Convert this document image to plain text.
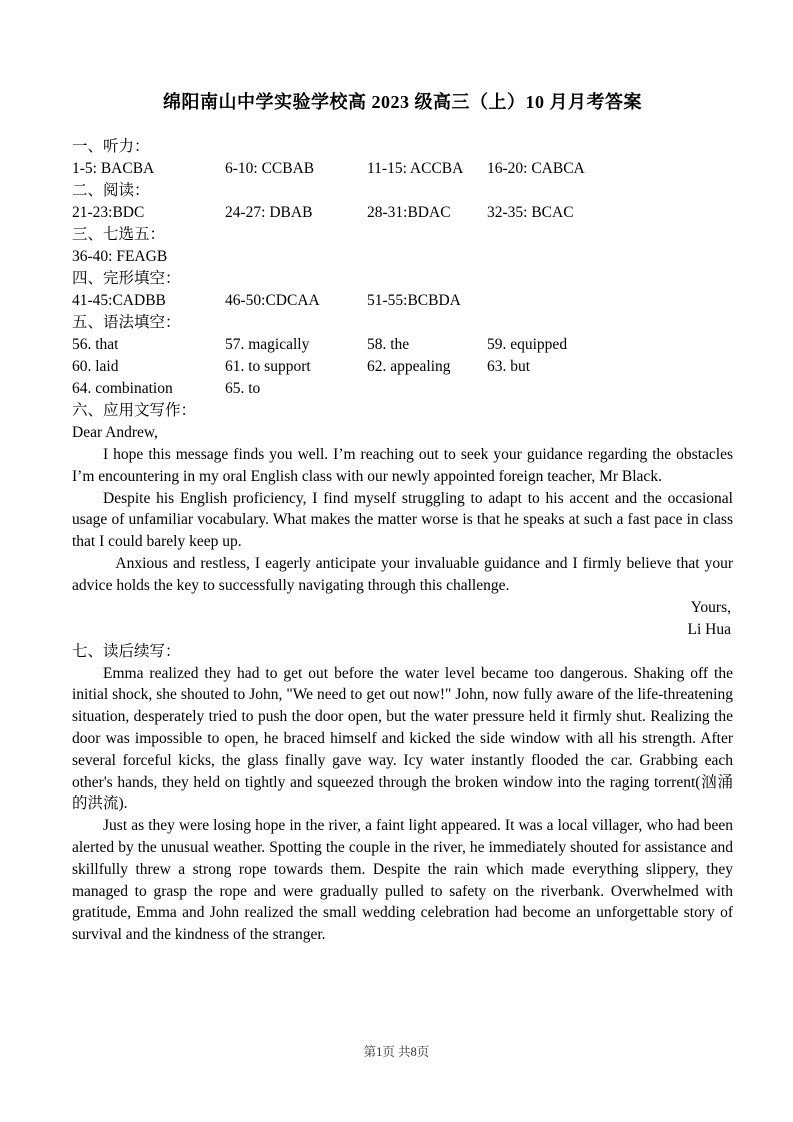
绵阳南山中学实验学校高 2023 级高三（上）10 月月考答案
一、听力：
1-5: BACBA	6-10: CCBAB	11-15: ACCBA	16-20: CABCA
二、阅读：
21-23:BDC	24-27: DBAB	28-31:BDAC	32-35: BCAC
三、七选五：
36-40: FEAGB
四、完形填空：
41-45:CADBB	46-50:CDCAA	51-55:BCBDA
五、语法填空：
56. that	57. magically	58. the	59. equipped
60. laid	61. to support	62. appealing	63. but
64. combination	65. to
六、应用文写作：
Dear Andrew,

I hope this message finds you well. I’m reaching out to seek your guidance regarding the obstacles I’m encountering in my oral English class with our newly appointed foreign teacher, Mr Black.

Despite his English proficiency, I find myself struggling to adapt to his accent and the occasional usage of unfamiliar vocabulary. What makes the matter worse is that he speaks at such a fast pace in class that I could barely keep up.

Anxious and restless, I eagerly anticipate your invaluable guidance and I firmly believe that your advice holds the key to successfully navigating through this challenge.

Yours,
Li Hua
七、读后续写：

Emma realized they had to get out before the water level became too dangerous. Shaking off the initial shock, she shouted to John, "We need to get out now!" John, now fully aware of the life-threatening situation, desperately tried to push the door open, but the water pressure held it firmly shut. Realizing the door was impossible to open, he braced himself and kicked the side window with all his strength. After several forceful kicks, the glass finally gave way. Icy water instantly flooded the car. Grabbing each other's hands, they held on tightly and squeezed through the broken window into the raging torrent(汹涌的洪流).

Just as they were losing hope in the river, a faint light appeared. It was a local villager, who had been alerted by the unusual weather. Spotting the couple in the river, he immediately shouted for assistance and skillfully threw a strong rope towards them. Despite the rain which made everything slippery, they managed to grasp the rope and were gradually pulled to safety on the riverbank. Overwhelmed with gratitude, Emma and John realized the small wedding celebration had become an unforgettable story of survival and the kindness of the stranger.

第1页 共8页
